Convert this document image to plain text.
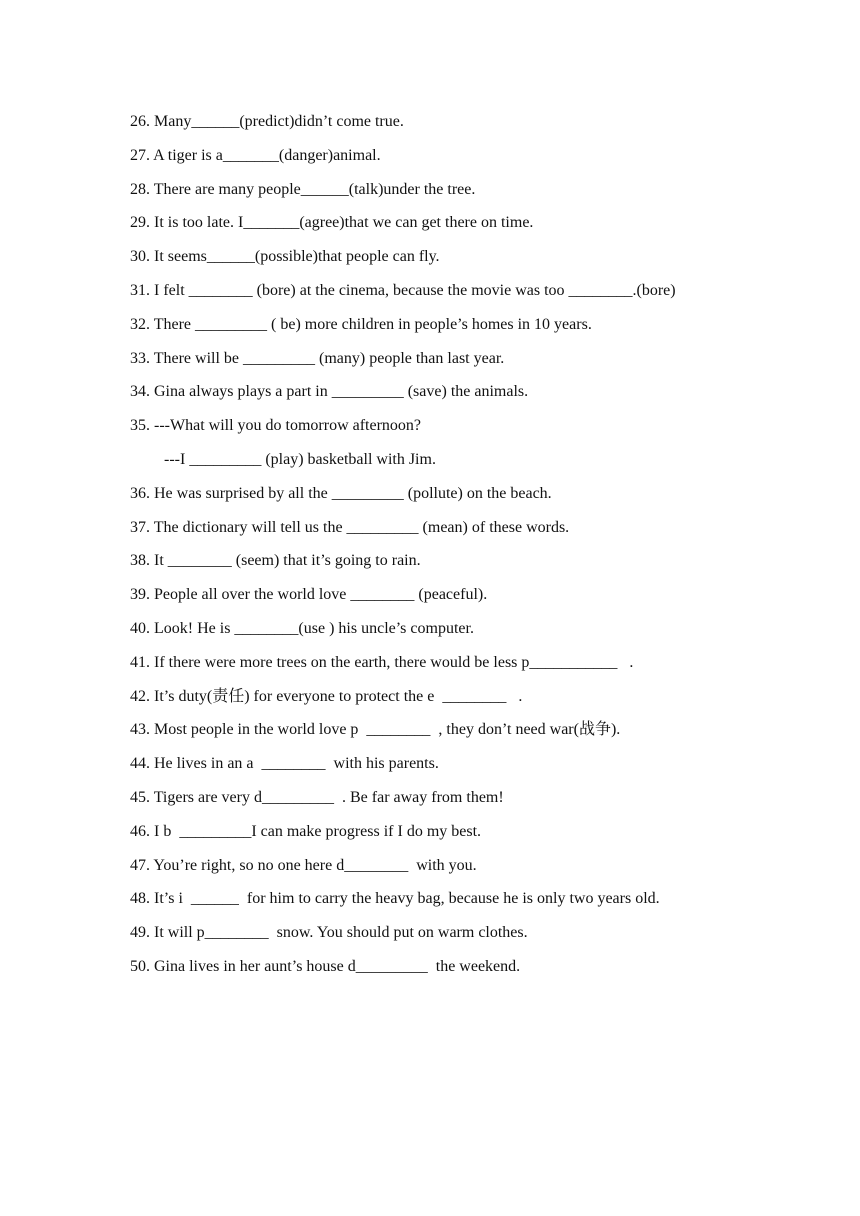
26. Many______(predict)didn’t come true.
27. A tiger is a_______(danger)animal.
28. There are many people______(talk)under the tree.
29. It is too late. I_______(agree)that we can get there on time.
30. It seems______(possible)that people can fly.
31. I felt ________ (bore) at the cinema, because the movie was too ________.(bore)
32. There _________ ( be) more children in people’s homes in 10 years.
33. There will be _________ (many) people than last year.
34. Gina always plays a part in _________ (save) the animals.
35. ---What will you do tomorrow afternoon?
---I _________ (play) basketball with Jim.
36. He was surprised by all the _________ (pollute) on the beach.
37. The dictionary will tell us the _________ (mean) of these words.
38. It ________ (seem) that it’s going to rain.
39. People all over the world love ________ (peaceful).
40. Look! He is ________(use ) his uncle’s computer.
41. If there were more trees on the earth, there would be less p___________   .
42. It’s duty(责任) for everyone to protect the e  ________   .
43. Most people in the world love p  ________  , they don’t need war(战争).
44. He lives in an a  ________  with his parents.
45. Tigers are very d_________  . Be far away from them!
46. I b  _________I can make progress if I do my best.
47. You’re right, so no one here d________  with you.
48. It’s i  ______  for him to carry the heavy bag, because he is only two years old.
49. It will p________  snow. You should put on warm clothes.
50. Gina lives in her aunt’s house d_________  the weekend.
